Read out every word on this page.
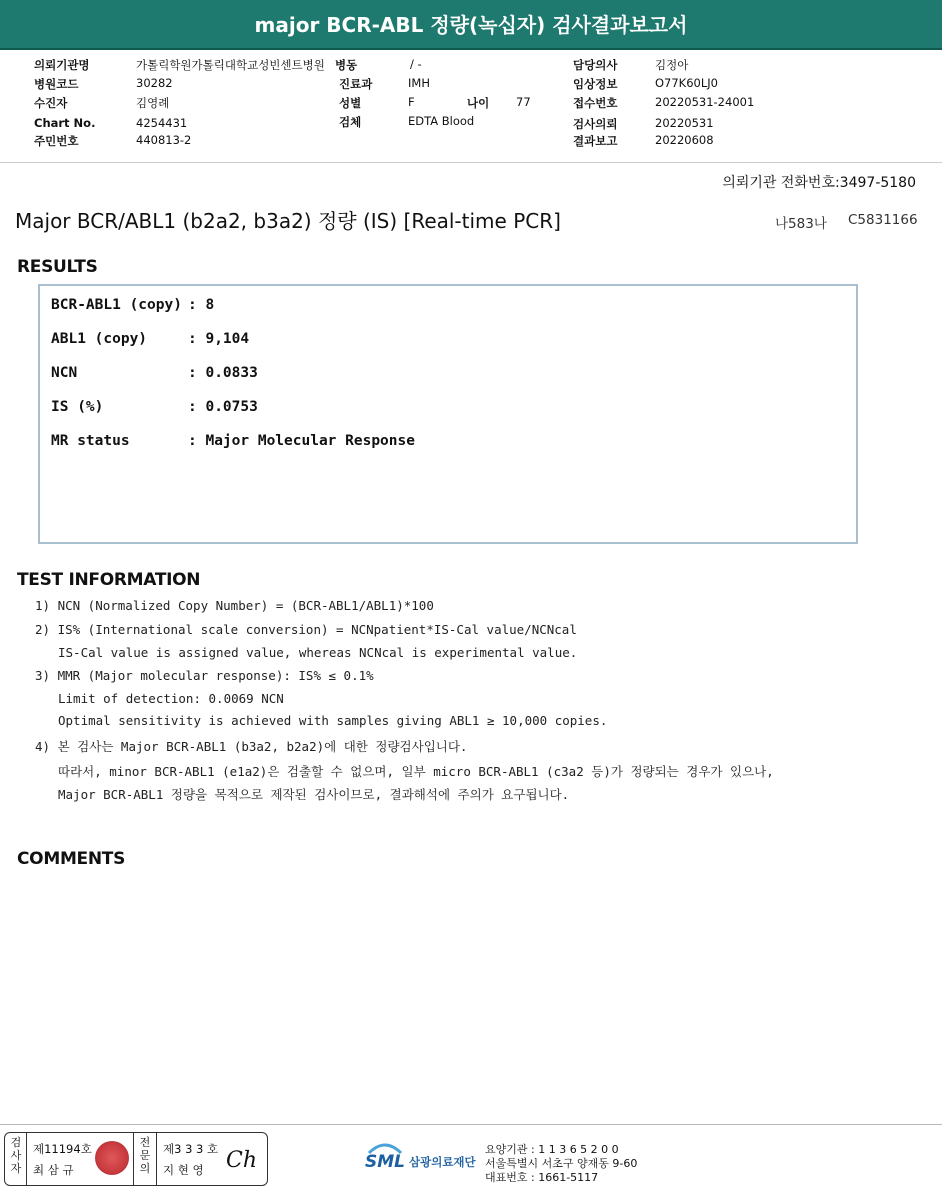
major BCR-ABL 정량(녹십자) 검사결과보고서
의뢰기관명	가톨릭학원가톨릭대학교성빈센트병원 병동	/ -	담당의사	김정아
병원코드	30282	진료과	IMH	임상정보	O77K60LJ0
수진자	김영례	성별	F	나이 77	접수번호	20220531-24001
Chart No.	4254431	검체	EDTA Blood	검사의뢰	20220531
주민번호	440813-2	결과보고	20220608
의뢰기관 전화번호:3497-5180
Major BCR/ABL1 (b2a2, b3a2) 정량 (IS) [Real-time PCR]	나583나 C5831166
RESULTS
BCR-ABL1 (copy) : 8
ABL1 (copy)	: 9,104
NCN	: 0.0833
IS (%)	: 0.0753
MR status	: Major Molecular Response
TEST INFORMATION
1) NCN (Normalized Copy Number) = (BCR-ABL1/ABL1)*100
2) IS% (International scale conversion) = NCNpatient*IS-Cal value/NCNcal
IS-Cal value is assigned value, whereas NCNcal is experimental value.
3) MMR (Major molecular response): IS% ≤ 0.1%
Limit of detection: 0.0069 NCN
Optimal sensitivity is achieved with samples giving ABL1 ≥ 10,000 copies.
4) 본 검사는 Major BCR-ABL1 (b3a2, b2a2)에 대한 정량검사입니다.
따라서, minor BCR-ABL1 (e1a2)은 검출할 수 없으며, 일부 micro BCR-ABL1 (c3a2 등)가 정량되는 경우가 있으나,
Major BCR-ABL1 정량을 목적으로 제작된 검사이므로, 결과해석에 주의가 요구됩니다.
COMMENTS
검
사
자
제11194호
최 삼 규
전
문
의
제3 3 3 호
지 현 영 Ch	SML 삼광의료재단
요양기관 : 1 1 3 6 5 2 0 0
서울특별시 서초구 양재동 9-60
대표번호 : 1661-5117
